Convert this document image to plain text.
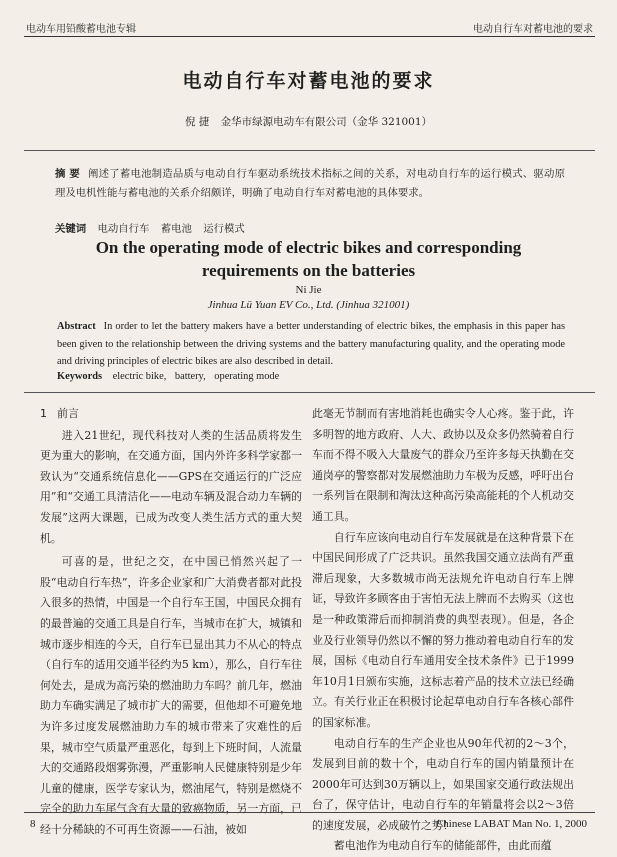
电动车用铅酸蓄电池专辑	电动自行车对蓄电池的要求
电动自行车对蓄电池的要求
倪 捷 金华市绿源电动车有限公司（金华 321001）
摘 要 阐述了蓄电池制造品质与电动自行车驱动系统技术指标之间的关系，对电动自行车的运行模式、驱动原理及电机性能与蓄电池的关系介绍颇详，明确了电动自行车对蓄电池的具体要求。
关键词 电动自行车 蓄电池 运行模式
On the operating mode of electric bikes and corresponding
requirements on the batteries
Ni Jie
Jinhua Lü Yuan EV Co., Ltd. (Jinhua 321001)
Abstract In order to let the battery makers have a better understanding of electric bikes, the emphasis in this paper has been given to the relationship between the driving systems and the battery manufacturing quality, and the operating mode and driving principles of electric bikes are also described in detail.
Keywords electric bike, battery, operating mode
1 前言

进入21世纪，现代科技对人类的生活品质将发生更为重大的影响，在交通方面，国内外许多科学家都一致认为“交通系统信息化——GPS在交通运行的广泛应用”和“交通工具清洁化——电动车辆及混合动力车辆的发展”这两大课题，已成为改变人类生活方式的重大契机。

可喜的是，世纪之交，在中国已悄然兴起了一股“电动自行车热”，许多企业家和广大消费者都对此投入很多的热情，中国是一个自行车王国，中国民众拥有的最普遍的交通工具是自行车，当城市在扩大，城镇和城市逐步相连的今天，自行车已显出其力不从心的特点（自行车的适用交通半径约为5 km），那么，自行车往何处去，是成为高污染的燃油助力车吗？前几年，燃油助力车确实满足了城市扩大的需要，但他却不可避免地为许多过度发展燃油助力车的城市带来了灾难性的后果，城市空气质量严重恶化，每到上下班时间，人流量大的交通路段烟雾弥漫，严重影响人民健康特别是少年儿童的健康，医学专家认为，燃油尾气，特别是燃烧不完全的助力车尾气含有大量的致癌物质，另一方面，已经十分稀缺的不可再生资源——石油，被如

此毫无节制而有害地消耗也确实令人心疼。鉴于此，许多明智的地方政府、人大、政协以及众多仍然骑着自行车而不得不吸入大量废气的群众乃至许多每天执勤在交通岗亭的警察都对发展燃油助力车极为反感，呼吁出台一系列旨在限制和淘汰这种高污染高能耗的个人机动交通工具。

自行车应该向电动自行车发展就是在这种背景下在中国民间形成了广泛共识。虽然我国交通立法尚有严重滞后现象，大多数城市尚无法规允许电动自行车上牌证，导致许多顾客由于害怕无法上牌而不去购买（这也是一种政策滞后而抑制消费的典型表现）。但是，各企业及行业领导仍然以不懈的努力推动着电动自行车的发展，国标《电动自行车通用安全技术条件》已于1999年10月1日颁布实施，这标志着产品的技术立法已经确立。有关行业正在积极讨论起草电动自行车各核心部件的国家标准。

电动自行车的生产企业也从90年代初的2～3个，发展到目前的数十个，电动自行车的国内销量预计在2000年可达到30万辆以上，如果国家交通行政法规出台了，保守估计，电动自行车的年销量将会以2～3倍的速度发展，必成破竹之势！

蓄电池作为电动自行车的储能部件，由此而蕴

8	Chinese LABAT Man No. 1, 2000
